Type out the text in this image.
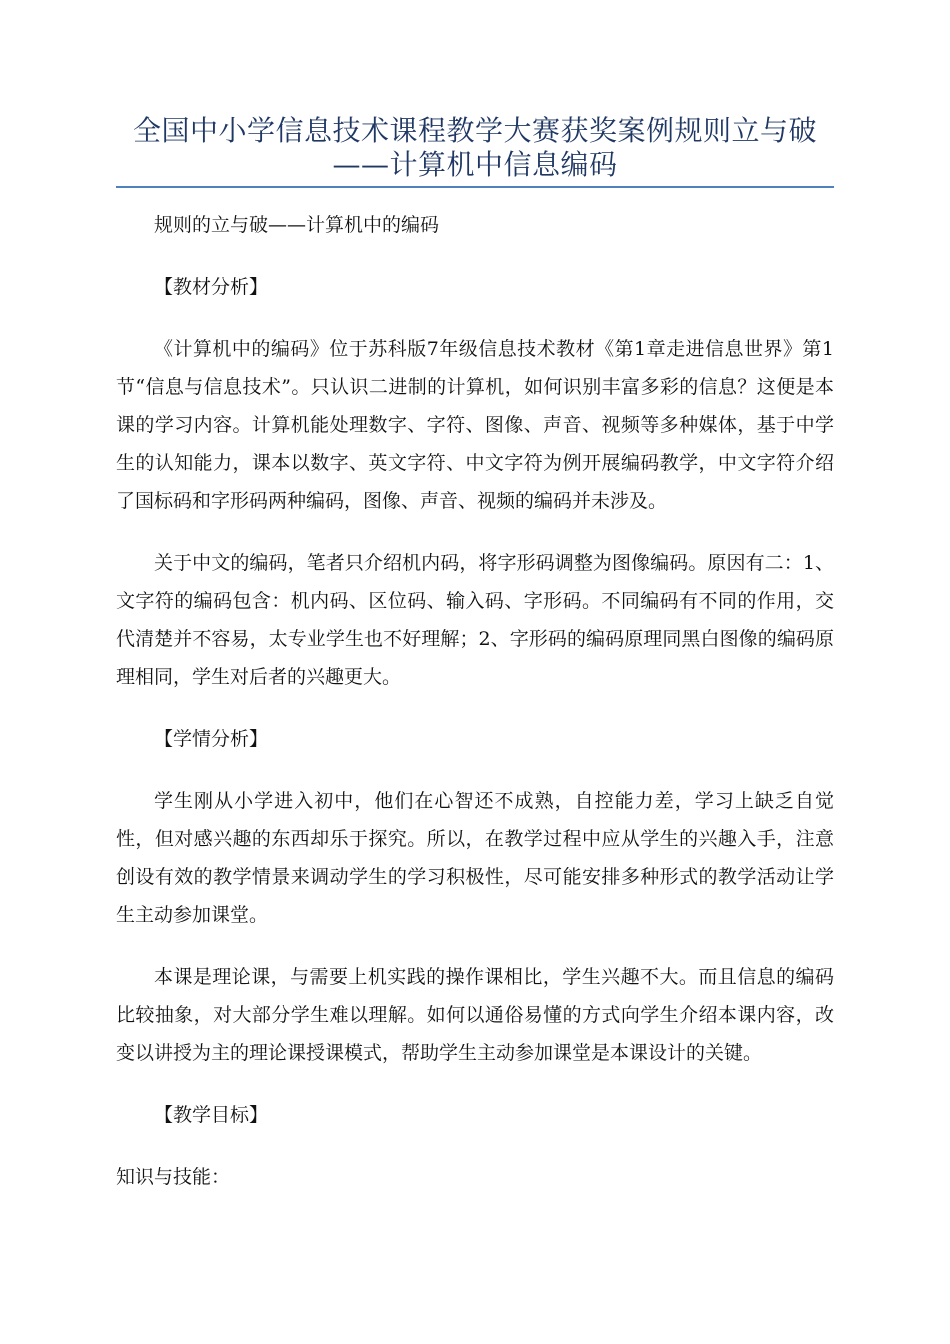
全国中小学信息技术课程教学大赛获奖案例规则立与破
——计算机中信息编码

规则的立与破——计算机中的编码

【教材分析】

《计算机中的编码》位于苏科版7年级信息技术教材《第1章走进信息世界》第1节“信息与信息技术”。只认识二进制的计算机，如何识别丰富多彩的信息？这便是本课的学习内容。计算机能处理数字、字符、图像、声音、视频等多种媒体，基于中学生的认知能力，课本以数字、英文字符、中文字符为例开展编码教学，中文字符介绍了国标码和字形码两种编码，图像、声音、视频的编码并未涉及。

关于中文的编码，笔者只介绍机内码，将字形码调整为图像编码。原因有二：1、文字符的编码包含：机内码、区位码、输入码、字形码。不同编码有不同的作用，交代清楚并不容易，太专业学生也不好理解；2、字形码的编码原理同黑白图像的编码原理相同，学生对后者的兴趣更大。

【学情分析】

学生刚从小学进入初中，他们在心智还不成熟，自控能力差，学习上缺乏自觉性，但对感兴趣的东西却乐于探究。所以，在教学过程中应从学生的兴趣入手，注意创设有效的教学情景来调动学生的学习积极性，尽可能安排多种形式的教学活动让学生主动参加课堂。

本课是理论课，与需要上机实践的操作课相比，学生兴趣不大。而且信息的编码比较抽象，对大部分学生难以理解。如何以通俗易懂的方式向学生介绍本课内容，改变以讲授为主的理论课授课模式，帮助学生主动参加课堂是本课设计的关键。

【教学目标】

知识与技能：
